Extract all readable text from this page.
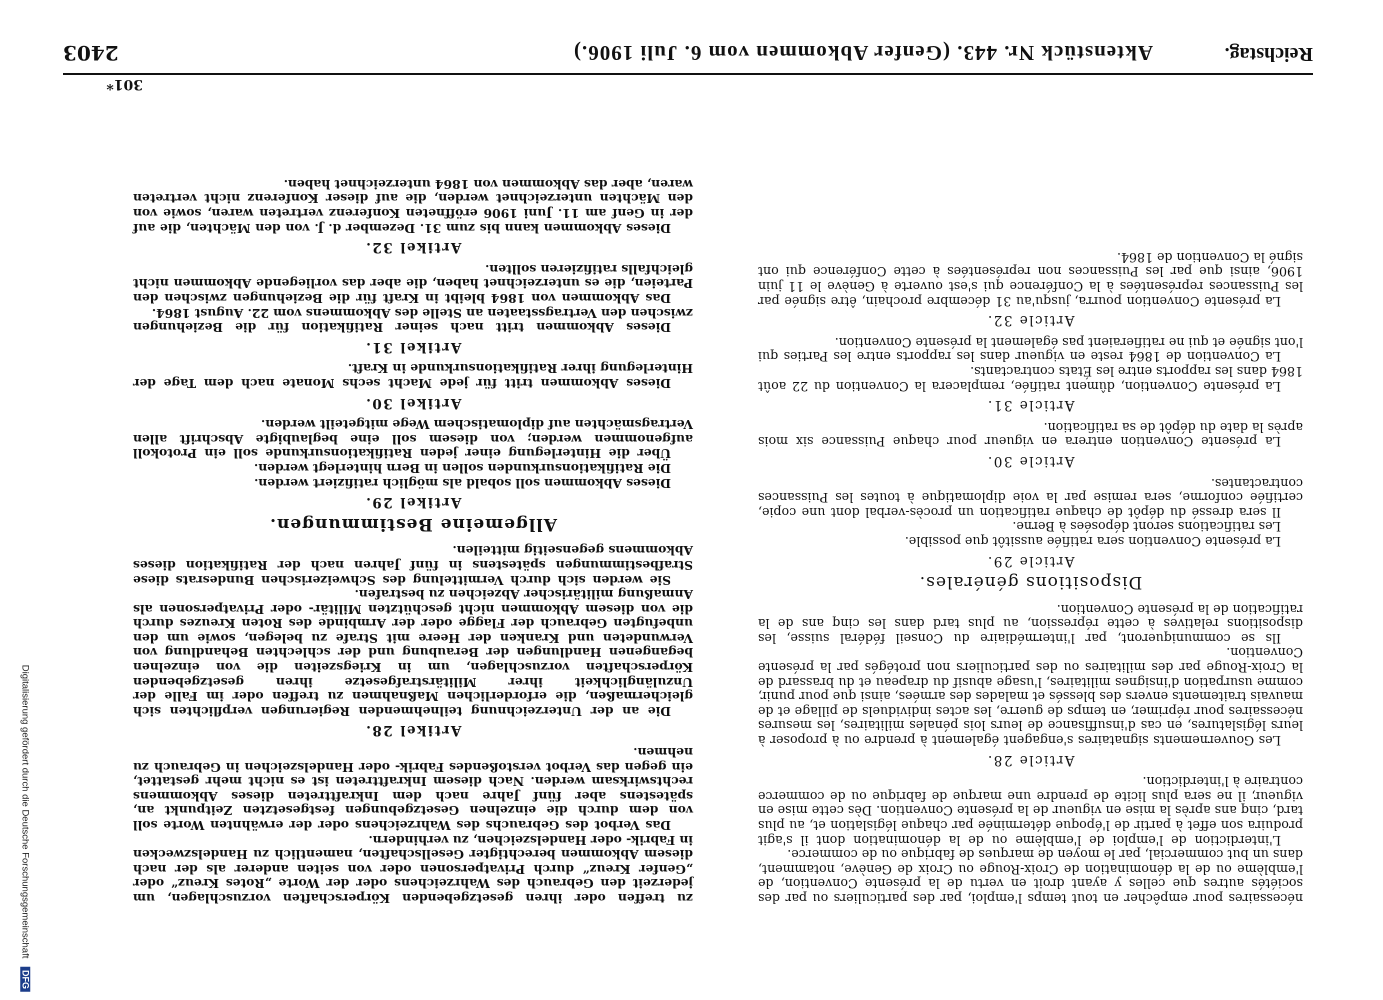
Reichstag.
Aktenstück Nr. 443. (Genfer Abkommen vom 6. Juli 1906.)
2403

nécessaires pour empêcher en tout temps l'emploi, par des particuliers ou par des sociétés autres que celles y ayant droit en vertu de la présente Convention, de l'emblème ou de la dénomination de Croix-Rouge ou Croix de Genève, notamment, dans un but commercial, par le moyen de marques de fabrique ou de commerce.

L'interdiction de l'emploi de l'emblème ou de la dénomination dont il s'agit produira son effet à partir de l'époque déterminée par chaque législation et, au plus tard, cinq ans après la mise en vigueur de la présente Convention. Dès cette mise en vigueur, il ne sera plus licite de prendre une marque de fabrique ou de commerce contraire à l'interdiction.

Article 28.

Les Gouvernements signataires s'engagent également à prendre ou à proposer à leurs législatures, en cas d'insuffisance de leurs lois pénales militaires, les mesures nécessaires pour réprimer, en temps de guerre, les actes individuels de pillage et de mauvais traitements envers des blessés et malades des armées, ainsi que pour punir, comme usurpation d'insignes militaires, l'usage abusif du drapeau et du brassard de la Croix-Rouge par des militaires ou des particuliers non protégés par la présente Convention.

Ils se communiqueront, par l'intermédiaire du Conseil fédéral suisse, les dispositions relatives à cette répression, au plus tard dans les cinq ans de la ratification de la présente Convention.

Dispositions générales.
Article 29.

La présente Convention sera ratifiée aussitôt que possible.

Les ratifications seront déposées à Berne.

Il sera dressé du dépôt de chaque ratification un procès-verbal dont une copie, certifiée conforme, sera remise par la voie diplomatique à toutes les Puissances contractantes.

Article 30.

La présente Convention entrera en vigueur pour chaque Puissance six mois après la date du dépôt de sa ratification.

Article 31.

La présente Convention, dûment ratifiée, remplacera la Convention du 22 août 1864 dans les rapports entre les États contractants.

La Convention de 1864 reste en vigueur dans les rapports entre les Parties qui l'ont signée et qui ne ratifieraient pas également la présente Convention.

Article 32.

La présente Convention pourra, jusqu'au 31 décembre prochain, être signée par les Puissances représentées à la Conférence qui s'est ouverte à Genève le 11 juin 1906, ainsi que par les Puissances non représentées à cette Conférence qui ont signé la Convention de 1864.

zu treffen oder ihren gesetzgebenden Körperschaften vorzuschlagen, um jederzeit den Gebrauch des Wahrzeichens oder der Worte „Rotes Kreuz“ oder „Genfer Kreuz“ durch Privatpersonen oder von seiten anderer als der nach diesem Abkommen berechtigter Gesellschaften, namentlich zu Handelszwecken in Fabrik- oder Handelszeichen, zu verhindern.

Das Verbot des Gebrauchs des Wahrzeichens oder der erwähnten Worte soll von dem durch die einzelnen Gesetzgebungen festgesetzten Zeitpunkt an, spätestens aber fünf Jahre nach dem Inkrafttreten dieses Abkommens rechtswirksam werden. Nach diesem Inkrafttreten ist es nicht mehr gestattet, ein gegen das Verbot verstoßendes Fabrik- oder Handelszeichen in Gebrauch zu nehmen.

Artikel 28.

Die an der Unterzeichnung teilnehmenden Regierungen verpflichten sich gleichermaßen, die erforderlichen Maßnahmen zu treffen oder im Falle der Unzulänglichkeit ihrer Militärstrafgesetze ihren gesetzgebenden Körperschaften vorzuschlagen, um in Kriegszeiten die von einzelnen begangenen Handlungen der Beraubung und der schlechten Behandlung von Verwundeten und Kranken der Heere mit Strafe zu belegen, sowie um den unbefugten Gebrauch der Flagge oder der Armbinde des Roten Kreuzes durch die von diesem Abkommen nicht geschützten Militär- oder Privatpersonen als Anmaßung militärischer Abzeichen zu bestrafen.

Sie werden sich durch Vermittelung des Schweizerischen Bundesrats diese Strafbestimmungen spätestens in fünf Jahren nach der Ratifikation dieses Abkommens gegenseitig mitteilen.

Allgemeine Bestimmungen.
Artikel 29.

Dieses Abkommen soll sobald als möglich ratifiziert werden.

Die Ratifikationsurkunden sollen in Bern hinterlegt werden.

Über die Hinterlegung einer jeden Ratifikationsurkunde soll ein Protokoll aufgenommen werden; von diesem soll eine beglaubigte Abschrift allen Vertragsmächten auf diplomatischem Wege mitgeteilt werden.

Artikel 30.

Dieses Abkommen tritt für jede Macht sechs Monate nach dem Tage der Hinterlegung ihrer Ratifikationsurkunde in Kraft.

Artikel 31.

Dieses Abkommen tritt nach seiner Ratifikation für die Beziehungen zwischen den Vertragsstaaten an Stelle des Abkommens vom 22. August 1864.

Das Abkommen von 1864 bleibt in Kraft für die Beziehungen zwischen den Parteien, die es unterzeichnet haben, die aber das vorliegende Abkommen nicht gleichfalls ratifizieren sollten.

Artikel 32.

Dieses Abkommen kann bis zum 31. Dezember d. J. von den Mächten, die auf der in Genf am 11. Juni 1906 eröffneten Konferenz vertreten waren, sowie von den Mächten unterzeichnet werden, die auf dieser Konferenz nicht vertreten waren, aber das Abkommen von 1864 unterzeichnet haben.

301*
Digitalisierung gefördert durch die Deutsche Forschungsgemeinschaft DFG
